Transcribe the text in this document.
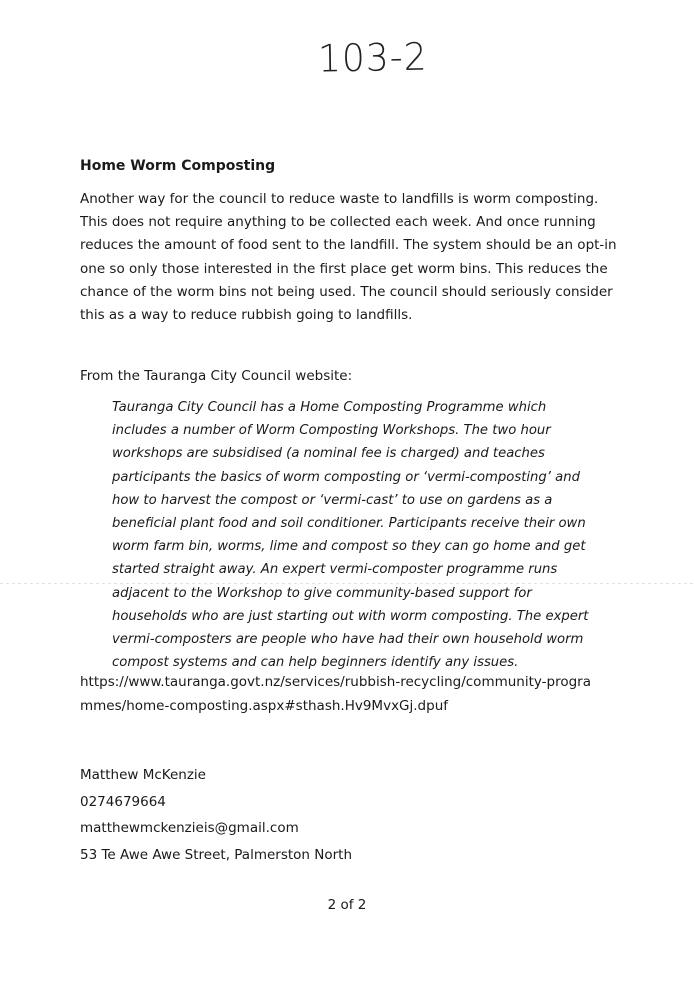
103-2
Home Worm Composting

Another way for the council to reduce waste to landfills is worm composting. This does not require anything to be collected each week. And once running reduces the amount of food sent to the landfill. The system should be an opt-in one so only those interested in the first place get worm bins. This reduces the chance of the worm bins not being used. The council should seriously consider this as a way to reduce rubbish going to landfills.

From the Tauranga City Council website:

Tauranga City Council has a Home Composting Programme which includes a number of Worm Composting Workshops. The two hour workshops are subsidised (a nominal fee is charged) and teaches participants the basics of worm composting or ‘vermi-composting’ and how to harvest the compost or ‘vermi-cast’ to use on gardens as a beneficial plant food and soil conditioner. Participants receive their own worm farm bin, worms, lime and compost so they can go home and get started straight away. An expert vermi-composter programme runs adjacent to the Workshop to give community-based support for households who are just starting out with worm composting. The expert vermi-composters are people who have had their own household worm compost systems and can help beginners identify any issues.

https://www.tauranga.govt.nz/services/rubbish-recycling/community-programmes/home-composting.aspx#sthash.Hv9MvxGj.dpuf
Matthew McKenzie
0274679664
matthewmckenzieis@gmail.com
53 Te Awe Awe Street, Palmerston North
2 of 2
